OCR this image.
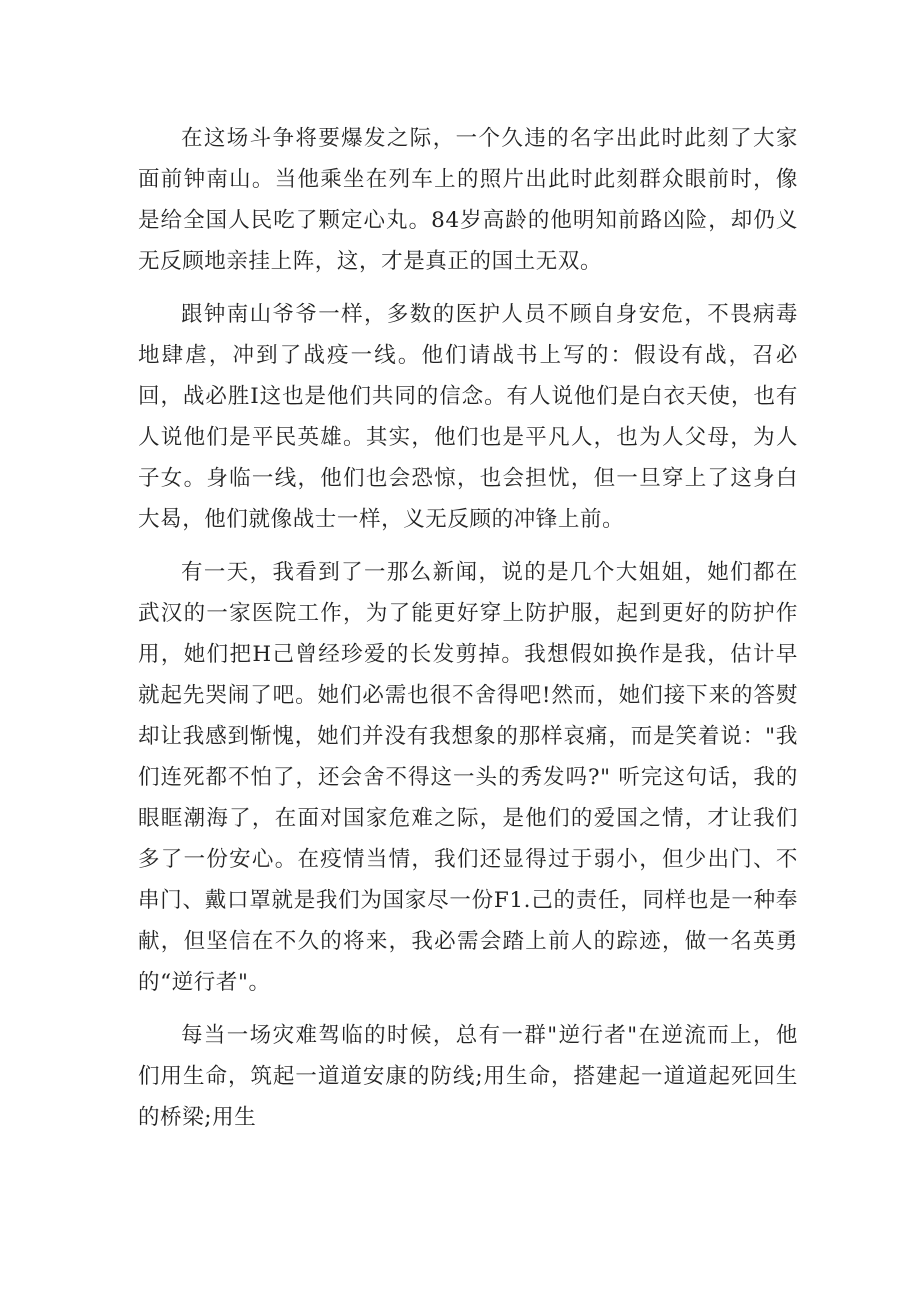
在这场斗争将要爆发之际，一个久违的名字出此时此刻了大家面前钟南山。当他乘坐在列车上的照片出此时此刻群众眼前时，像是给全国人民吃了颗定心丸。84岁高龄的他明知前路凶险，却仍义无反顾地亲挂上阵，这，才是真正的国土无双。

跟钟南山爷爷一样，多数的医护人员不顾自身安危，不畏病毒地肆虐，冲到了战疫一线。他们请战书上写的：假设有战，召必回，战必胜I这也是他们共同的信念。有人说他们是白衣天使，也有人说他们是平民英雄。其实，他们也是平凡人，也为人父母，为人子女。身临一线，他们也会恐惊，也会担忧，但一旦穿上了这身白大曷，他们就像战士一样，义无反顾的冲锋上前。

有一天，我看到了一那么新闻，说的是几个大姐姐，她们都在武汉的一家医院工作，为了能更好穿上防护服，起到更好的防护作用，她们把H己曾经珍爱的长发剪掉。我想假如换作是我，估计早就起先哭闹了吧。她们必需也很不舍得吧!然而，她们接下来的答熨却让我感到惭愧，她们并没有我想象的那样哀痛，而是笑着说："我们连死都不怕了，还会舍不得这一头的秀发吗?" 听完这句话，我的眼眶潮海了，在面对国家危难之际，是他们的爱国之情，才让我们多了一份安心。在疫情当情，我们还显得过于弱小，但少出门、不串门、戴口罩就是我们为国家尽一份F1.己的责任，同样也是一种奉献，但坚信在不久的将来，我必需会踏上前人的踪迹，做一名英勇的“逆行者"。

每当一场灾难驾临的时候，总有一群"逆行者"在逆流而上，他们用生命，筑起一道道安康的防线;用生命，搭建起一道道起死回生的桥梁;用生
